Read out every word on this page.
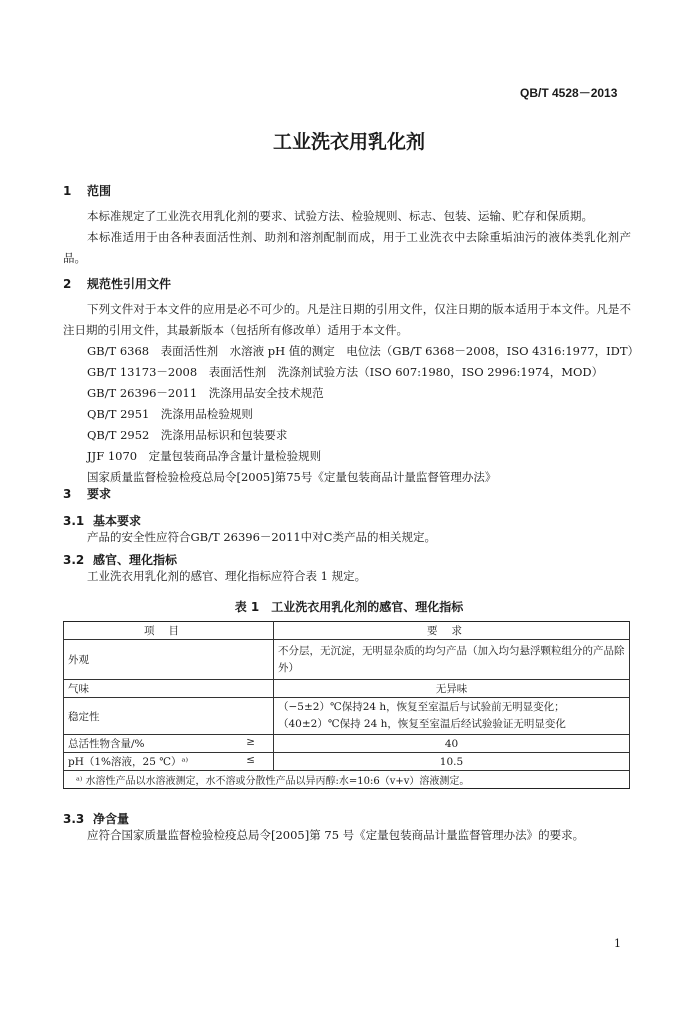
QB/T 4528－2013
工业洗衣用乳化剂
1 范围
本标准规定了工业洗衣用乳化剂的要求、试验方法、检验规则、标志、包装、运输、贮存和保质期。
本标准适用于由各种表面活性剂、助剂和溶剂配制而成，用于工业洗衣中去除重垢油污的液体类乳化剂产品。
2 规范性引用文件
下列文件对于本文件的应用是必不可少的。凡是注日期的引用文件，仅注日期的版本适用于本文件。凡是不注日期的引用文件，其最新版本（包括所有修改单）适用于本文件。
GB/T 6368　表面活性剂　水溶液 pH 值的测定　电位法（GB/T 6368－2008，ISO 4316:1977，IDT）
GB/T 13173－2008　表面活性剂　洗涤剂试验方法（ISO 607:1980，ISO 2996:1974，MOD）
GB/T 26396－2011　洗涤用品安全技术规范
QB/T 2951　洗涤用品检验规则
QB/T 2952　洗涤用品标识和包装要求
JJF 1070　定量包装商品净含量计量检验规则
国家质量监督检验检疫总局令[2005]第75号《定量包装商品计量监督管理办法》
3 要求
3.1 基本要求
产品的安全性应符合GB/T 26396－2011中对C类产品的相关规定。
3.2 感官、理化指标
工业洗衣用乳化剂的感官、理化指标应符合表 1 规定。
表 1　工业洗衣用乳化剂的感官、理化指标
项目	要求
外观	不分层，无沉淀，无明显杂质的均匀产品（加入均匀悬浮颗粒组分的产品除外）
气味	无异味
稳定性	（−5±2）℃保持24 h，恢复至室温后与试验前无明显变化；
（40±2）℃保持 24 h，恢复至室温后经试验验证无明显变化

总活性物含量/% ≥	40
pH（1%溶液，25 ℃）ᵃ⁾ ≤	10.5
ᵃ⁾ 水溶性产品以水溶液测定，水不溶或分散性产品以异丙醇:水=10:6（v+v）溶液测定。	
3.3 净含量
应符合国家质量监督检验检疫总局令[2005]第 75 号《定量包装商品计量监督管理办法》的要求。
1
